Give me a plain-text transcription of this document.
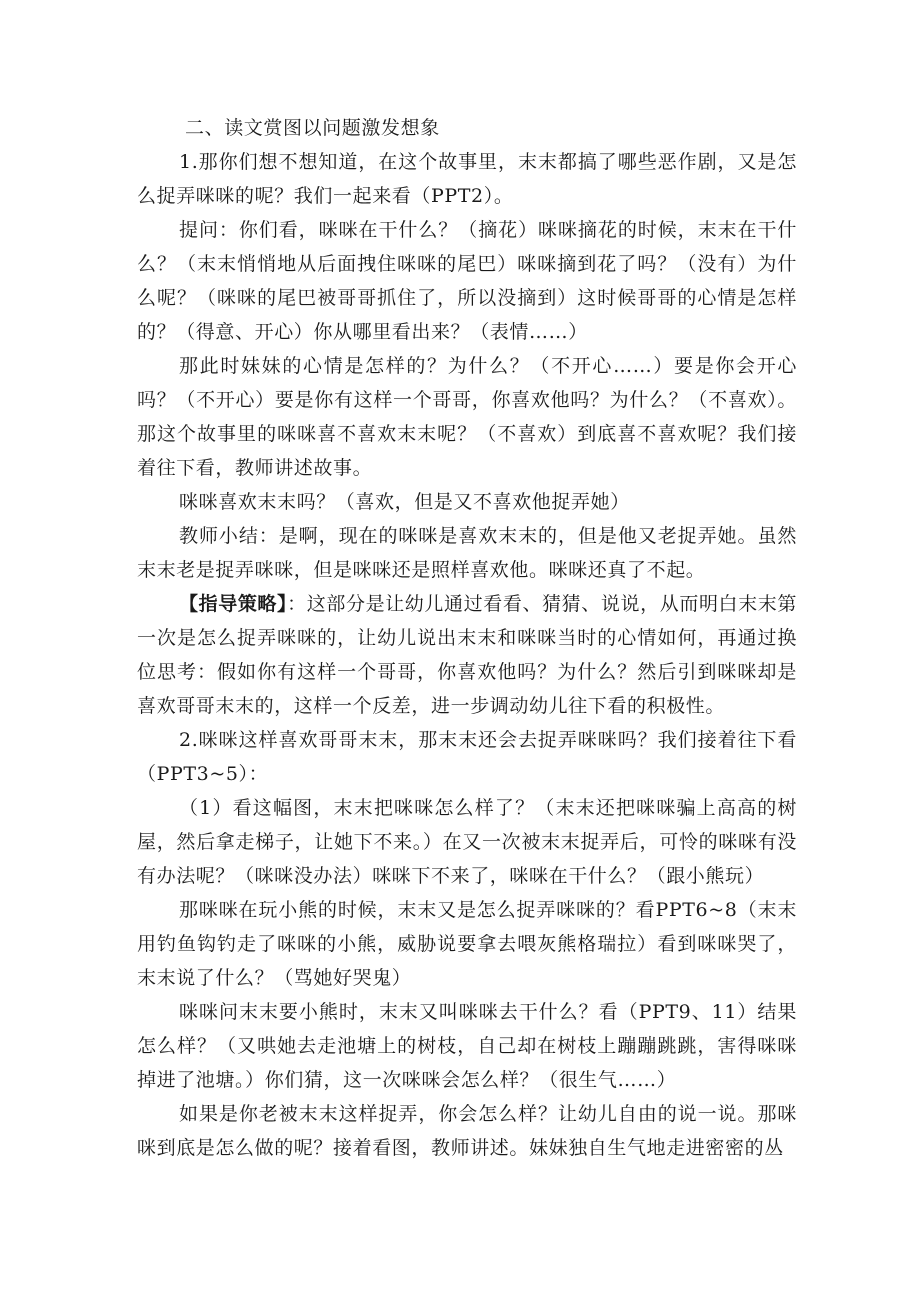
二、读文赏图以问题激发想象

1.那你们想不想知道，在这个故事里，末末都搞了哪些恶作剧，又是怎么捉弄咪咪的呢？我们一起来看（PPT2）。

提问：你们看，咪咪在干什么？（摘花）咪咪摘花的时候，末末在干什么？（末末悄悄地从后面拽住咪咪的尾巴）咪咪摘到花了吗？（没有）为什么呢？（咪咪的尾巴被哥哥抓住了，所以没摘到）这时候哥哥的心情是怎样的？（得意、开心）你从哪里看出来？（表情……）

那此时妹妹的心情是怎样的？为什么？（不开心……）要是你会开心吗？（不开心）要是你有这样一个哥哥，你喜欢他吗？为什么？（不喜欢）。那这个故事里的咪咪喜不喜欢末末呢？（不喜欢）到底喜不喜欢呢？我们接着往下看，教师讲述故事。

咪咪喜欢末末吗？（喜欢，但是又不喜欢他捉弄她）

教师小结：是啊，现在的咪咪是喜欢末末的，但是他又老捉弄她。虽然末末老是捉弄咪咪，但是咪咪还是照样喜欢他。咪咪还真了不起。

【指导策略】：这部分是让幼儿通过看看、猜猜、说说，从而明白末末第一次是怎么捉弄咪咪的，让幼儿说出末末和咪咪当时的心情如何，再通过换位思考：假如你有这样一个哥哥，你喜欢他吗？为什么？然后引到咪咪却是喜欢哥哥末末的，这样一个反差，进一步调动幼儿往下看的积极性。

2.咪咪这样喜欢哥哥末末，那末末还会去捉弄咪咪吗？我们接着往下看（PPT3~5）：

（1）看这幅图，末末把咪咪怎么样了？（末末还把咪咪骗上高高的树屋，然后拿走梯子，让她下不来。）在又一次被末末捉弄后，可怜的咪咪有没有办法呢？（咪咪没办法）咪咪下不来了，咪咪在干什么？（跟小熊玩）

那咪咪在玩小熊的时候，末末又是怎么捉弄咪咪的？看PPT6~8（末末用钓鱼钩钓走了咪咪的小熊，威胁说要拿去喂灰熊格瑞拉）看到咪咪哭了，末末说了什么？（骂她好哭鬼）

咪咪问末末要小熊时，末末又叫咪咪去干什么？看（PPT9、11）结果怎么样？（又哄她去走池塘上的树枝，自己却在树枝上蹦蹦跳跳，害得咪咪掉进了池塘。）你们猜，这一次咪咪会怎么样？（很生气……）

如果是你老被末末这样捉弄，你会怎么样？让幼儿自由的说一说。那咪咪到底是怎么做的呢？接着看图，教师讲述。妹妹独自生气地走进密密的丛
